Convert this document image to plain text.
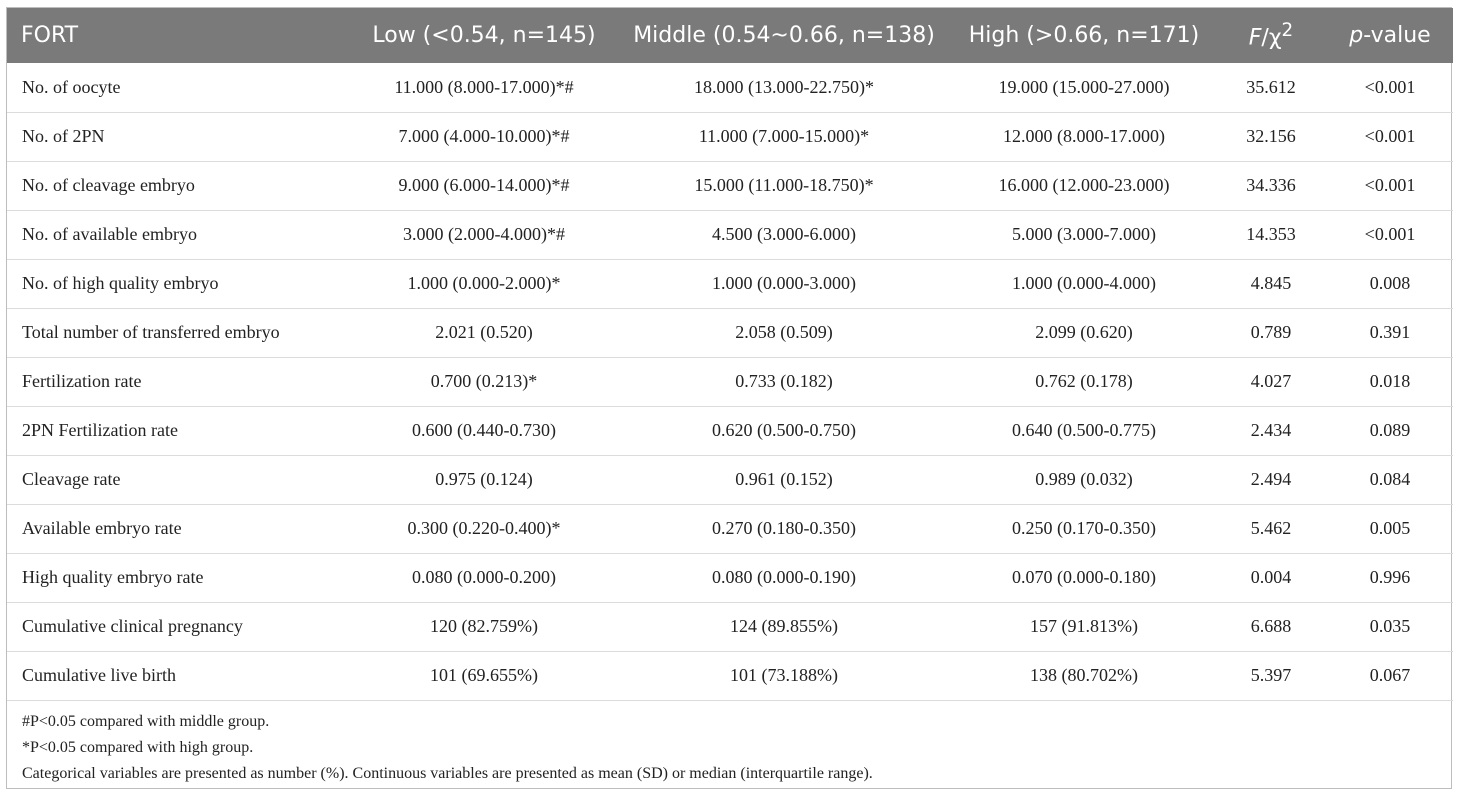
FORT	Low (<0.54, n=145)	Middle (0.54~0.66, n=138)	High (>0.66, n=171)	$F/\chi^2$	p-value
No. of oocyte	11.000 (8.000-17.000)*#	18.000 (13.000-22.750)*	19.000 (15.000-27.000)	35.612	<0.001
No. of 2PN	7.000 (4.000-10.000)*#	11.000 (7.000-15.000)*	12.000 (8.000-17.000)	32.156	<0.001
No. of cleavage embryo	9.000 (6.000-14.000)*#	15.000 (11.000-18.750)*	16.000 (12.000-23.000)	34.336	<0.001
No. of available embryo	3.000 (2.000-4.000)*#	4.500 (3.000-6.000)	5.000 (3.000-7.000)	14.353	<0.001
No. of high quality embryo	1.000 (0.000-2.000)*	1.000 (0.000-3.000)	1.000 (0.000-4.000)	4.845	0.008
Total number of transferred embryo	2.021 (0.520)	2.058 (0.509)	2.099 (0.620)	0.789	0.391
Fertilization rate	0.700 (0.213)*	0.733 (0.182)	0.762 (0.178)	4.027	0.018
2PN Fertilization rate	0.600 (0.440-0.730)	0.620 (0.500-0.750)	0.640 (0.500-0.775)	2.434	0.089
Cleavage rate	0.975 (0.124)	0.961 (0.152)	0.989 (0.032)	2.494	0.084
Available embryo rate	0.300 (0.220-0.400)*	0.270 (0.180-0.350)	0.250 (0.170-0.350)	5.462	0.005
High quality embryo rate	0.080 (0.000-0.200)	0.080 (0.000-0.190)	0.070 (0.000-0.180)	0.004	0.996
Cumulative clinical pregnancy	120 (82.759%)	124 (89.855%)	157 (91.813%)	6.688	0.035
Cumulative live birth	101 (69.655%)	101 (73.188%)	138 (80.702%)	5.397	0.067
#P<0.05 compared with middle group.
*P<0.05 compared with high group.
Categorical variables are presented as number (%). Continuous variables are presented as mean (SD) or median (interquartile range).
